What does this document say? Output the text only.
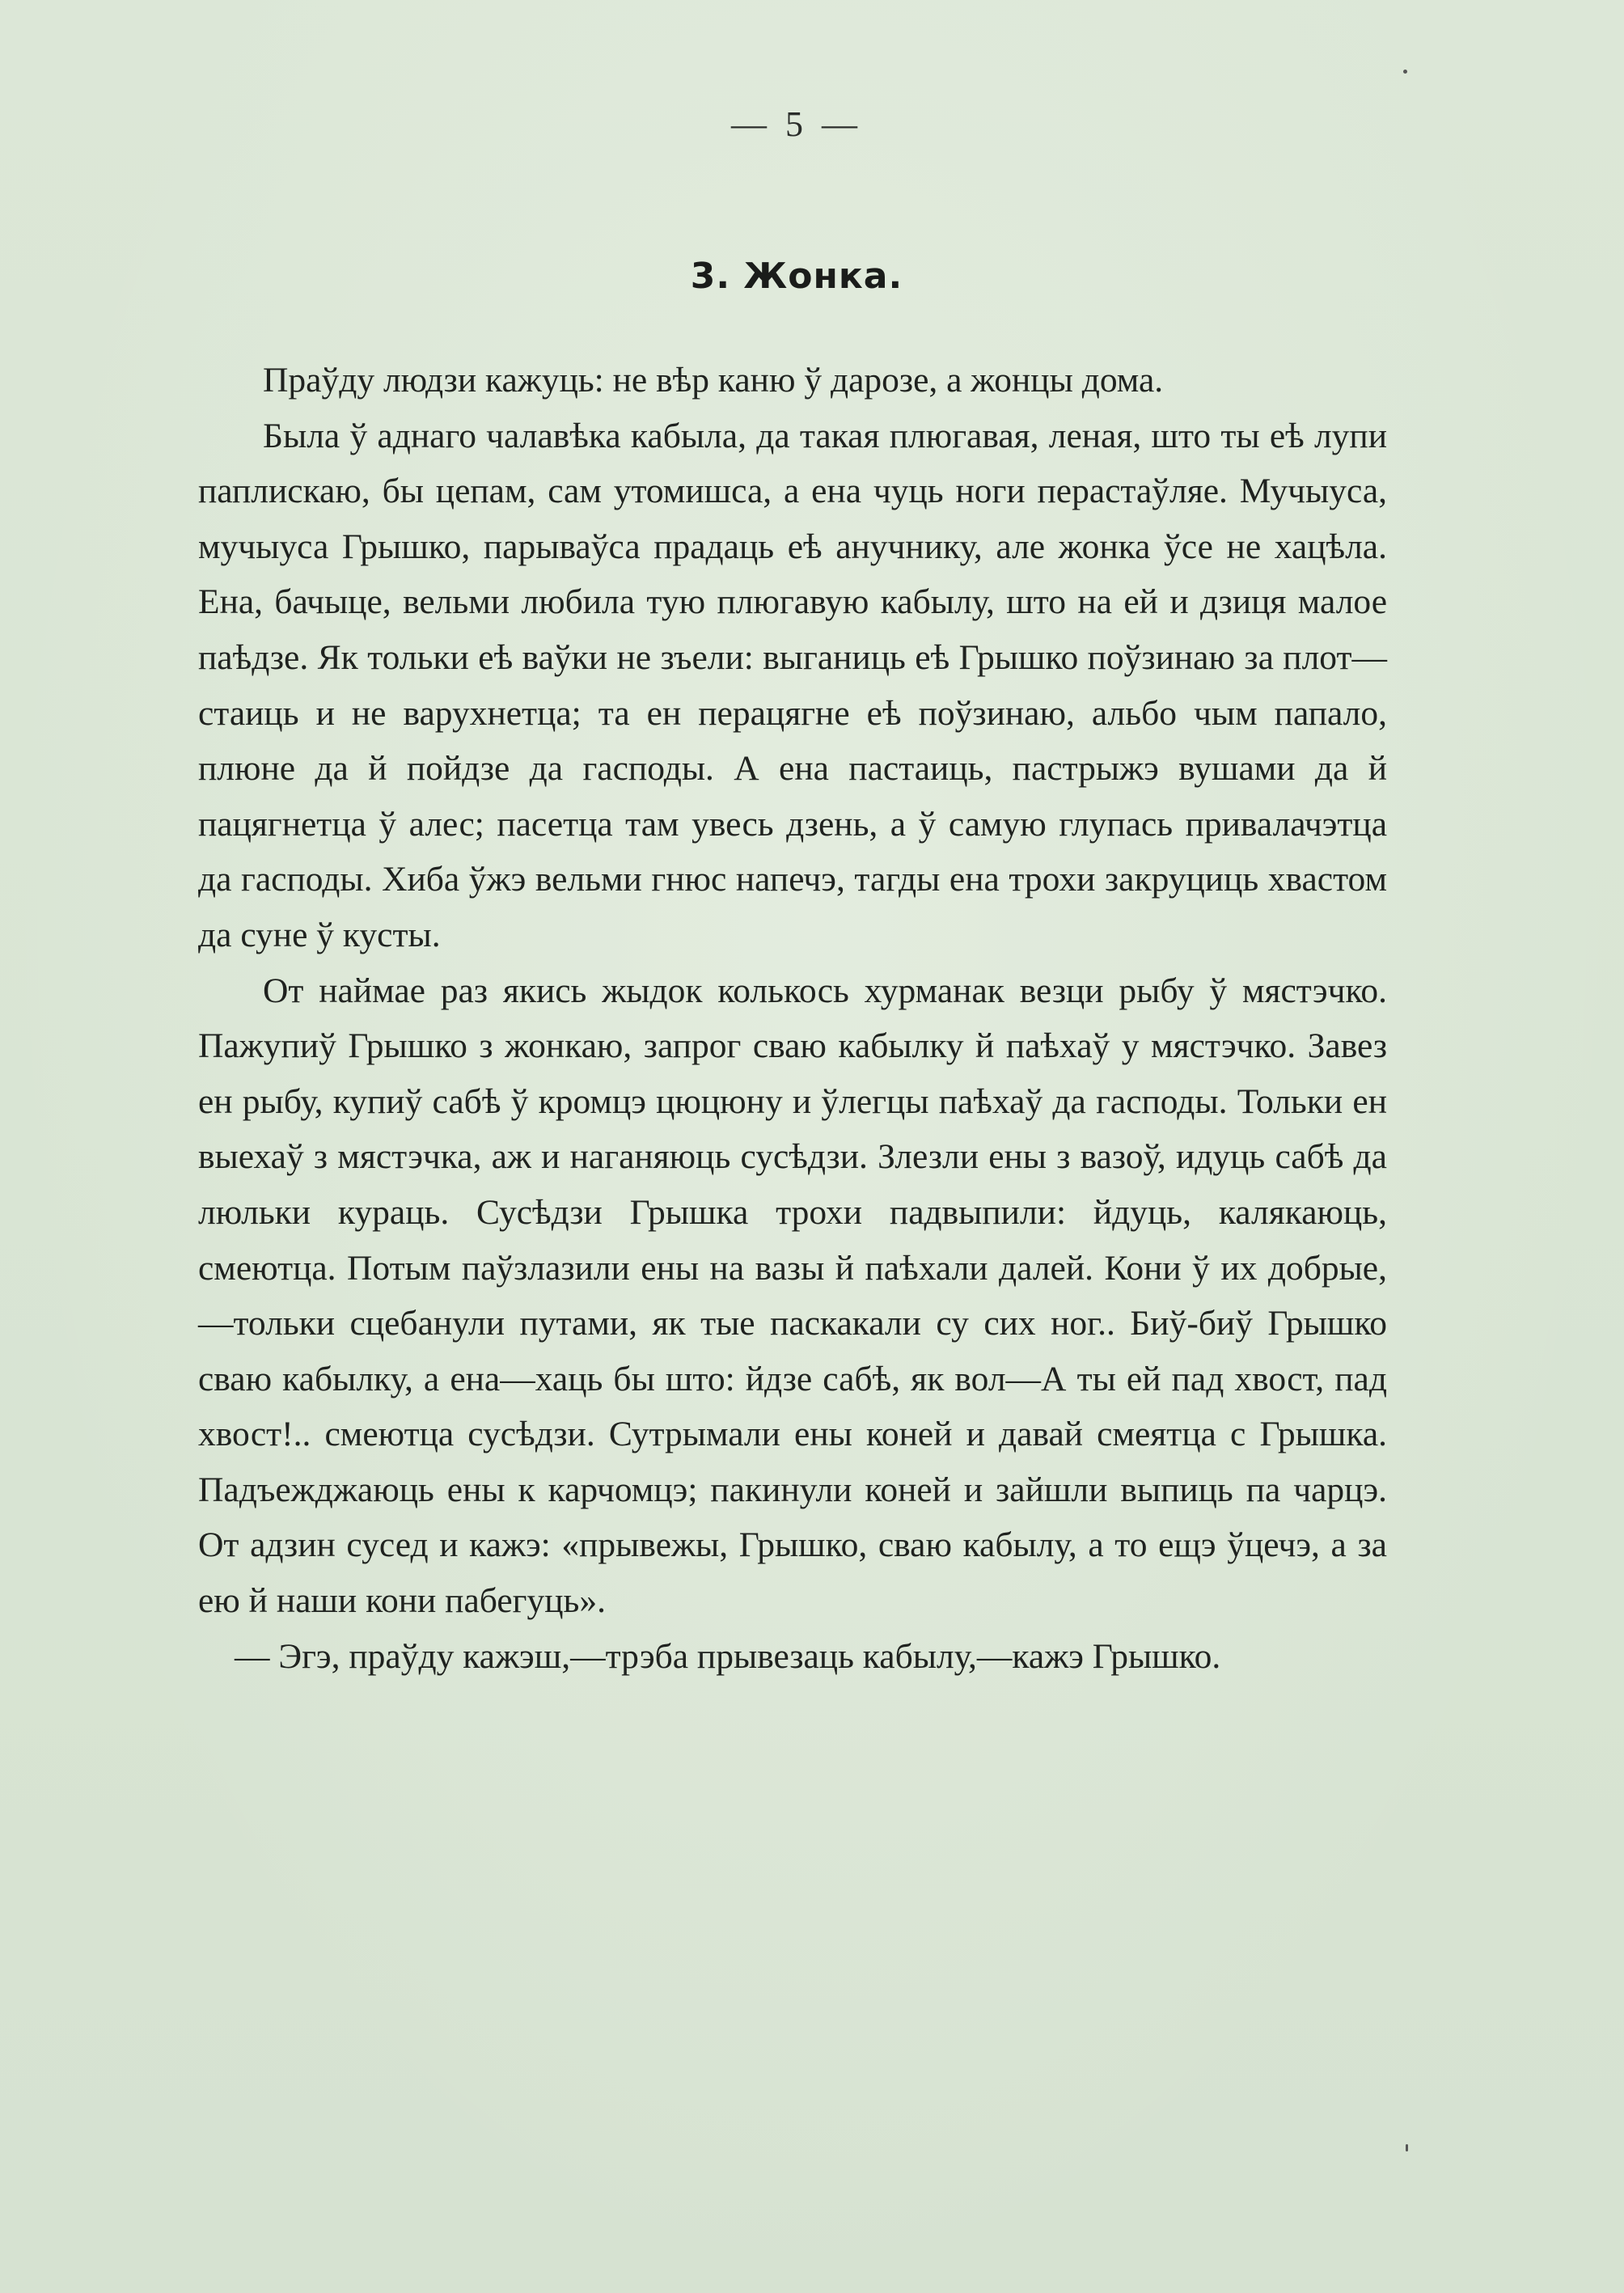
— 5 —
3. Жонка.

Праўду людзи кажуць: не вѣр каню ў дарозе, а жонцы дома.

Была ў аднаго чалавѣка кабыла, да такая плюгавая, леная, што ты еѣ лупи паплискаю, бы цепам, сам утомишса, а ена чуць ноги перастаўляе. Мучыуса, мучыуса Грышко, парываўса прадаць еѣ анучнику, але жонка ўсе не хацѣла. Ена, бачыце, вельми любила тую плюгавую кабылу, што на ей и дзиця малое паѣдзе. Як тольки еѣ ваўки не зъели: выганиць еѣ Грышко поўзинаю за плот—стаиць и не варухнетца; та ен перацягне еѣ поўзинаю, альбо чым папало, плюне да й пойдзе да гасподы. А ена пастаиць, пастрыжэ вушами да й пацягнетца ў алес; пасетца там увесь дзень, а ў самую глупась привалачэтца да гасподы. Хиба ўжэ вельми гнюс напечэ, тагды ена трохи закруциць хвастом да суне ў кусты.

От наймае раз якись жыдок колькось хурманак везци рыбу ў мястэчко. Пажупиў Грышко з жонкаю, запрог сваю кабылку й паѣхаў у мястэчко. Завез ен рыбу, купиў сабѣ ў кромцэ цюцюну и ўлегцы паѣхаў да гасподы. Тольки ен выехаў з мястэчка, аж и наганяюць сусѣдзи. Злезли ены з вазоў, идуць сабѣ да люльки кураць. Сусѣдзи Грышка трохи падвыпили: йдуць, калякаюць, смеютца. Потым паўзлазили ены на вазы й паѣхали далей. Кони ў их добрые,—тольки сцебанули путами, як тые паскакали су сих ног.. Биў-биў Грышко сваю кабылку, а ена—хаць бы што: йдзе сабѣ, як вол—А ты ей пад хвост, пад хвост!.. смеютца сусѣдзи. Сутрымали ены коней и давай смеятца с Грышка. Падъежджаюць ены к карчомцэ; пакинули коней и зайшли выпиць па чарцэ. От адзин сусед и кажэ: «прывежы, Грышко, сваю кабылу, а то ещэ ўцечэ, а за ею й наши кони пабегуць».

— Эгэ, праўду кажэш,—трэба прывезаць кабылу,—кажэ Грышко.
